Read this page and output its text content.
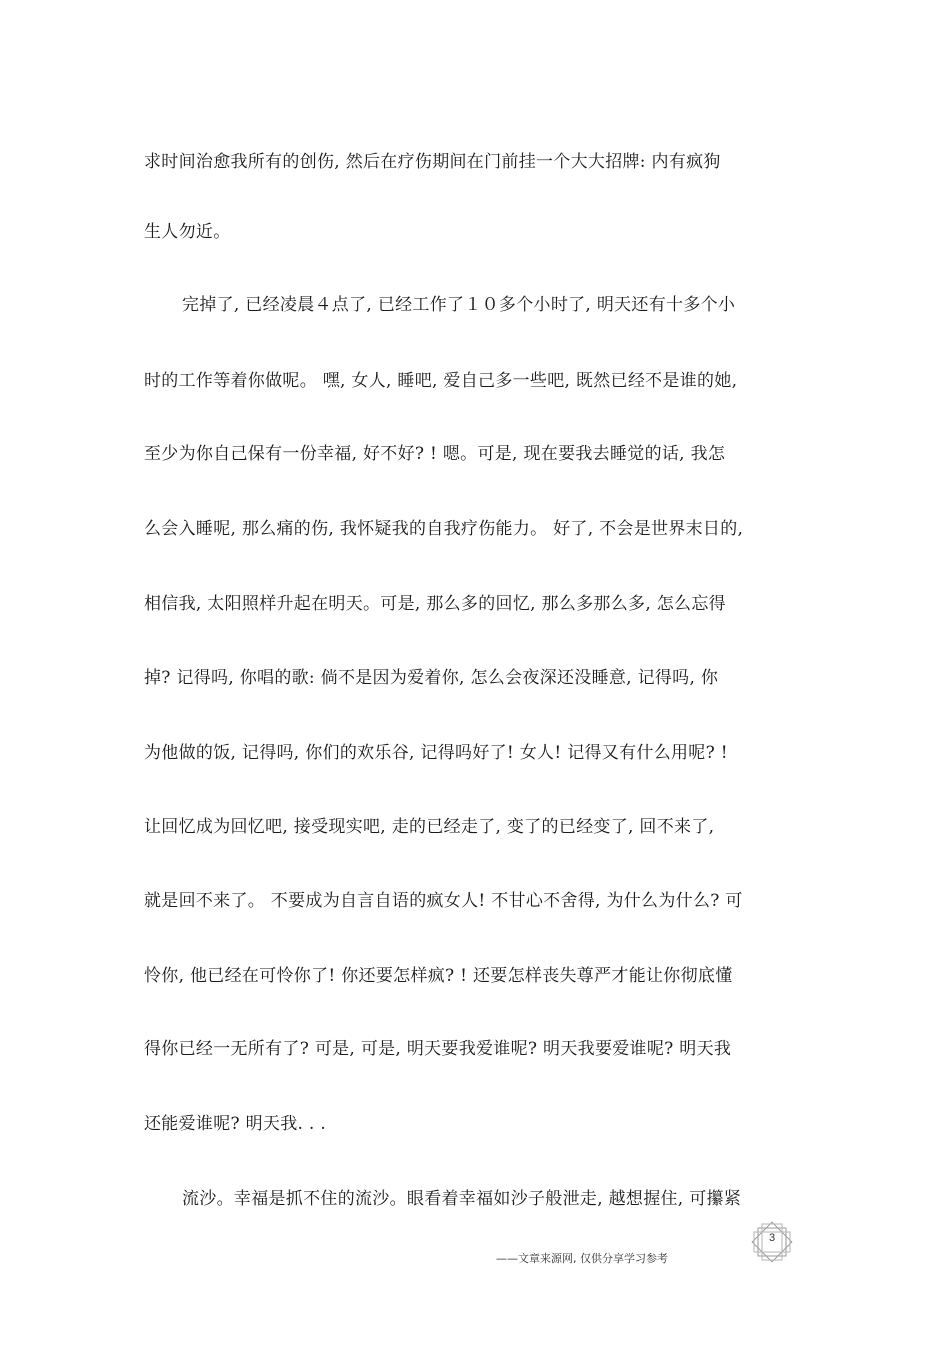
求时间治愈我所有的创伤, 然后在疗伤期间在门前挂一个大大招牌: 内有疯狗
生人勿近。
完掉了, 已经凌晨４点了, 已经工作了１０多个小时了, 明天还有十多个小
时的工作等着你做呢。 嘿, 女人, 睡吧, 爱自己多一些吧, 既然已经不是谁的她,
至少为你自己保有一份幸福, 好不好? ! 嗯。可是, 现在要我去睡觉的话, 我怎
么会入睡呢, 那么痛的伤, 我怀疑我的自我疗伤能力。 好了, 不会是世界末日的,
相信我, 太阳照样升起在明天。可是, 那么多的回忆, 那么多那么多, 怎么忘得
掉? 记得吗, 你唱的歌: 倘不是因为爱着你, 怎么会夜深还没睡意, 记得吗, 你
为他做的饭, 记得吗, 你们的欢乐谷, 记得吗好了! 女人! 记得又有什么用呢? !
让回忆成为回忆吧, 接受现实吧, 走的已经走了, 变了的已经变了, 回不来了,
就是回不来了。 不要成为自言自语的疯女人! 不甘心不舍得, 为什么为什么? 可
怜你, 他已经在可怜你了! 你还要怎样疯? ! 还要怎样丧失尊严才能让你彻底懂
得你已经一无所有了? 可是, 可是, 明天要我爱谁呢? 明天我要爱谁呢? 明天我
还能爱谁呢? 明天我. . .
流沙。幸福是抓不住的流沙。眼看着幸福如沙子般泄走, 越想握住, 可攥紧
3
——文章来源网, 仅供分享学习参考
